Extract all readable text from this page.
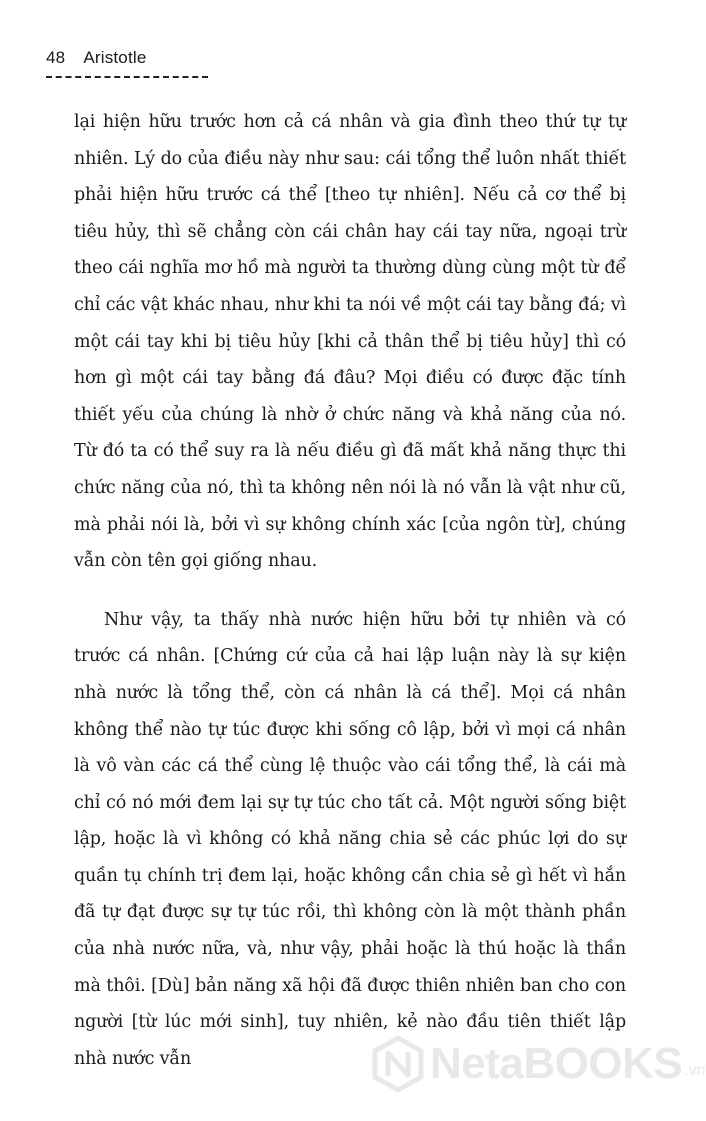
48 Aristotle

lại hiện hữu trước hơn cả cá nhân và gia đình theo thứ tự tự nhiên. Lý do của điều này như sau: cái tổng thể luôn nhất thiết phải hiện hữu trước cá thể [theo tự nhiên]. Nếu cả cơ thể bị tiêu hủy, thì sẽ chẳng còn cái chân hay cái tay nữa, ngoại trừ theo cái nghĩa mơ hồ mà người ta thường dùng cùng một từ để chỉ các vật khác nhau, như khi ta nói về một cái tay bằng đá; vì một cái tay khi bị tiêu hủy [khi cả thân thể bị tiêu hủy] thì có hơn gì một cái tay bằng đá đâu? Mọi điều có được đặc tính thiết yếu của chúng là nhờ ở chức năng và khả năng của nó. Từ đó ta có thể suy ra là nếu điều gì đã mất khả năng thực thi chức năng của nó, thì ta không nên nói là nó vẫn là vật như cũ, mà phải nói là, bởi vì sự không chính xác [của ngôn từ], chúng vẫn còn tên gọi giống nhau.

Như vậy, ta thấy nhà nước hiện hữu bởi tự nhiên và có trước cá nhân. [Chứng cứ của cả hai lập luận này là sự kiện nhà nước là tổng thể, còn cá nhân là cá thể]. Mọi cá nhân không thể nào tự túc được khi sống cô lập, bởi vì mọi cá nhân là vô vàn các cá thể cùng lệ thuộc vào cái tổng thể, là cái mà chỉ có nó mới đem lại sự tự túc cho tất cả. Một người sống biệt lập, hoặc là vì không có khả năng chia sẻ các phúc lợi do sự quần tụ chính trị đem lại, hoặc không cần chia sẻ gì hết vì hắn đã tự đạt được sự tự túc rồi, thì không còn là một thành phần của nhà nước nữa, và, như vậy, phải hoặc là thú hoặc là thần mà thôi. [Dù] bản năng xã hội đã được thiên nhiên ban cho con người [từ lúc mới sinh], tuy nhiên, kẻ nào đầu tiên thiết lập nhà nước vẫn	NetaBOOKS .vn
